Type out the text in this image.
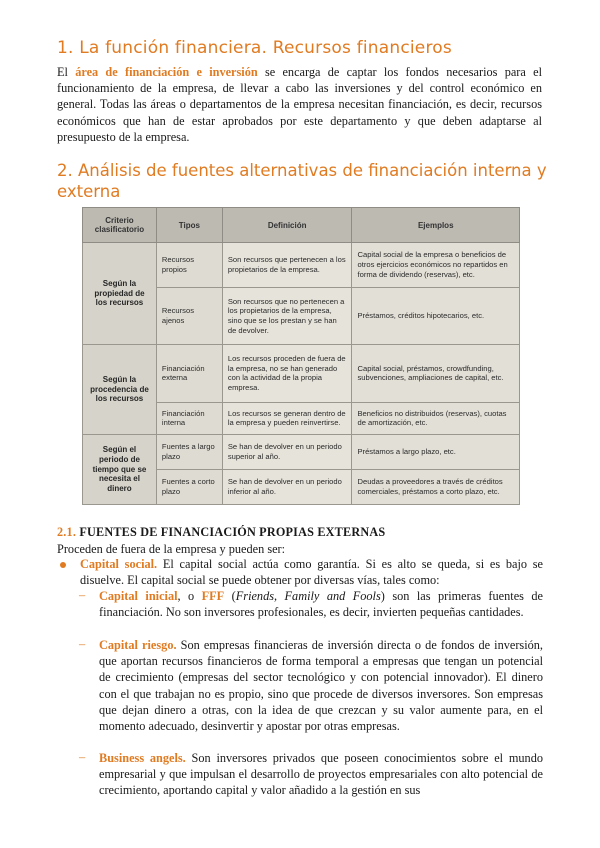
1. La función financiera. Recursos financieros

El área de financiación e inversión se encarga de captar los fondos necesarios para el funcionamiento de la empresa, de llevar a cabo las inversiones y del control económico en general. Todas las áreas o departamentos de la empresa necesitan financiación, es decir, recursos económicos que han de estar aprobados por este departamento y que deben adaptarse al presupuesto de la empresa.

2. Análisis de fuentes alternativas de financiación interna y externa
Criterio clasificatorio	Tipos	Definición	Ejemplos
Según la propiedad de los recursos	Recursos propios	Son recursos que pertenecen a los propietarios de la empresa.	Capital social de la empresa o beneficios de otros ejercicios económicos no repartidos en forma de dividendo (reservas), etc.
	Recursos ajenos	Son recursos que no pertenecen a los propietarios de la empresa, sino que se los prestan y se han de devolver.	Préstamos, créditos hipotecarios, etc.
Según la procedencia de los recursos	Financiación externa	Los recursos proceden de fuera de la empresa, no se han generado con la actividad de la propia empresa.	Capital social, préstamos, crowdfunding, subvenciones, ampliaciones de capital, etc.
	Financiación interna	Los recursos se generan dentro de la empresa y pueden reinvertirse.	Beneficios no distribuidos (reservas), cuotas de amortización, etc.
Según el periodo de tiempo que se necesita el dinero	Fuentes a largo plazo	Se han de devolver en un periodo superior al año.	Préstamos a largo plazo, etc.
	Fuentes a corto plazo	Se han de devolver en un periodo inferior al año.	Deudas a proveedores a través de créditos comerciales, préstamos a corto plazo, etc.
2.1. FUENTES DE FINANCIACIÓN PROPIAS EXTERNAS

Proceden de fuera de la empresa y pueden ser:

Capital social. El capital social actúa como garantía. Si es alto se queda, si es bajo se disuelve. El capital social se puede obtener por diversas vías, tales como:

– Capital inicial, o FFF (Friends, Family and Fools) son las primeras fuentes de financiación. No son inversores profesionales, es decir, invierten pequeñas cantidades.

– Capital riesgo. Son empresas financieras de inversión directa o de fondos de inversión, que aportan recursos financieros de forma temporal a empresas que tengan un potencial de crecimiento (empresas del sector tecnológico y con potencial innovador). El dinero con el que trabajan no es propio, sino que procede de diversos inversores. Son empresas que dejan dinero a otras, con la idea de que crezcan y su valor aumente para, en el momento adecuado, desinvertir y apostar por otras empresas.

– Business angels. Son inversores privados que poseen conocimientos sobre el mundo empresarial y que impulsan el desarrollo de proyectos empresariales con alto potencial de crecimiento, aportando capital y valor añadido a la gestión en sus
